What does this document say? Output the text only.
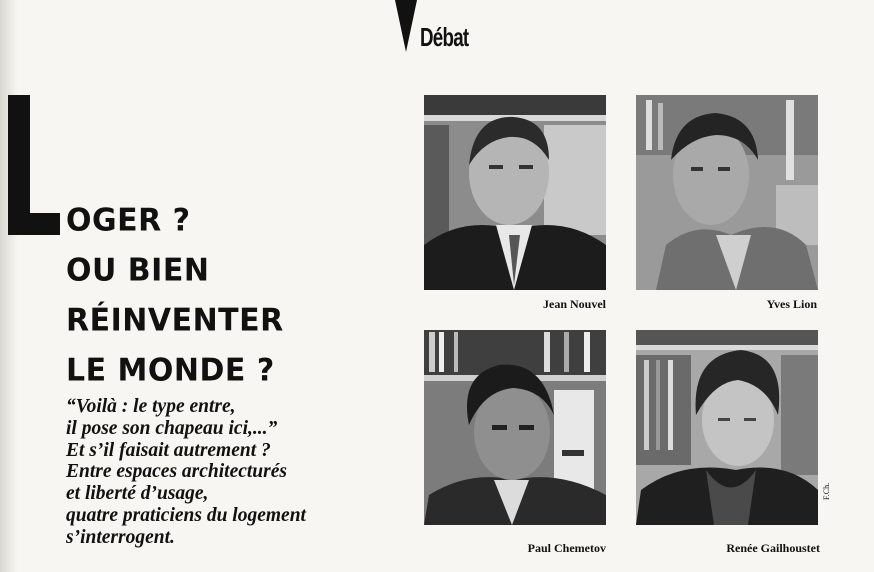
Débat
OGER ?
OU BIEN
RÉINVENTER
LE MONDE ?
“Voilà : le type entre,
il pose son chapeau ici,...”
Et s’il faisait autrement ?
Entre espaces architecturés
et liberté d’usage,
quatre praticiens du logement
s’interrogent.
Jean Nouvel	Yves Lion
Paul Chemetov	Renée Gailhoustet
F.Ch.
